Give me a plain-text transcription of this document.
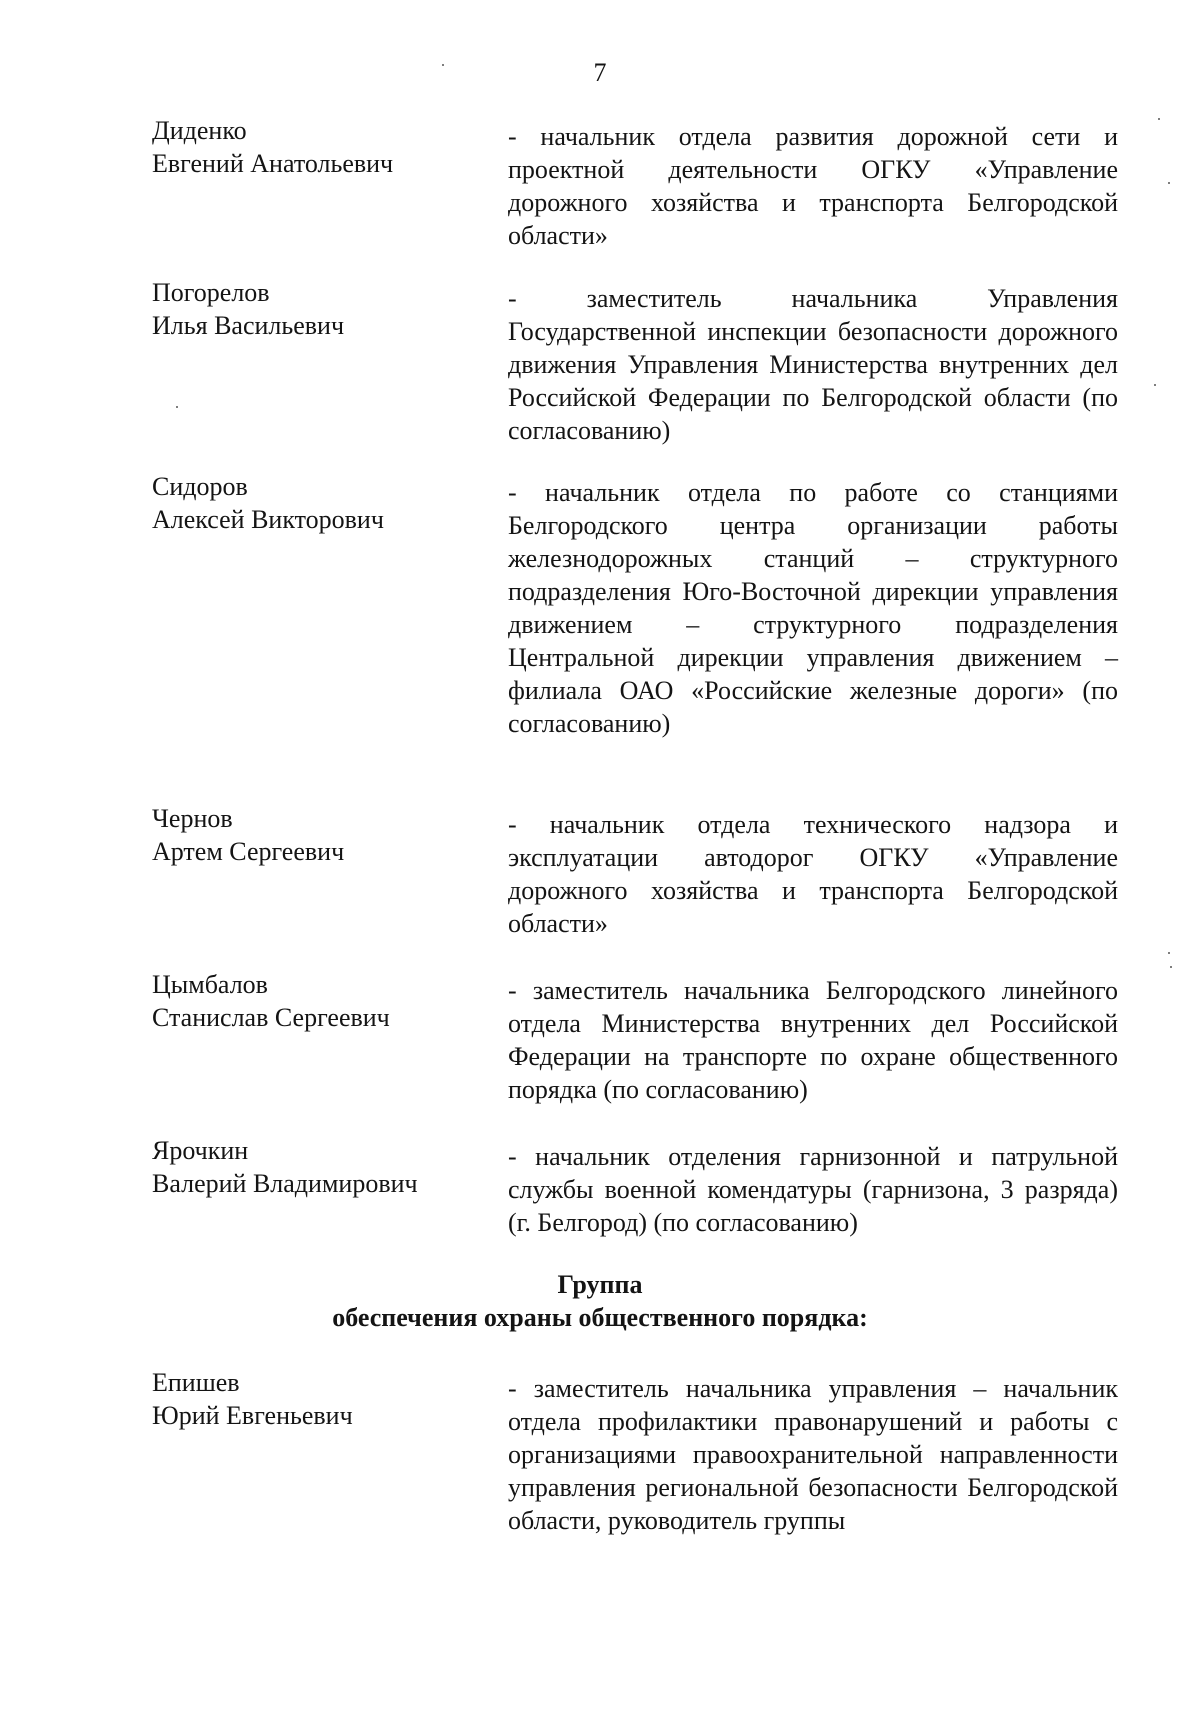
7
Диденко
Евгений Анатольевич
- начальник отдела развития дорожной сети и проектной деятельности ОГКУ «Управление дорожного хозяйства и транспорта Белгородской области»
Погорелов
Илья Васильевич
- заместитель начальника Управления Государственной инспекции безопасности дорожного движения Управления Министерства внутренних дел Российской Федерации по Белгородской области (по согласованию)
Сидоров
Алексей Викторович
- начальник отдела по работе со станциями Белгородского центра организации работы железнодорожных станций – структурного подразделения Юго-Восточной дирекции управления движением – структурного подразделения Центральной дирекции управления движением – филиала ОАО «Российские железные дороги» (по согласованию)
Чернов
Артем Сергеевич
- начальник отдела технического надзора и эксплуатации автодорог ОГКУ «Управление дорожного хозяйства и транспорта Белгородской области»
Цымбалов
Станислав Сергеевич
- заместитель начальника Белгородского линейного отдела Министерства внутренних дел Российской Федерации на транспорте по охране общественного порядка (по согласованию)
Ярочкин
Валерий Владимирович
- начальник отделения гарнизонной и патрульной службы военной комендатуры (гарнизона, 3 разряда) (г. Белгород) (по согласованию)
Группа
обеспечения охраны общественного порядка:
Епишев
Юрий Евгеньевич
- заместитель начальника управления – начальник отдела профилактики правонарушений и работы с организациями правоохранительной направленности управления региональной безопасности Белгородской области, руководитель группы
